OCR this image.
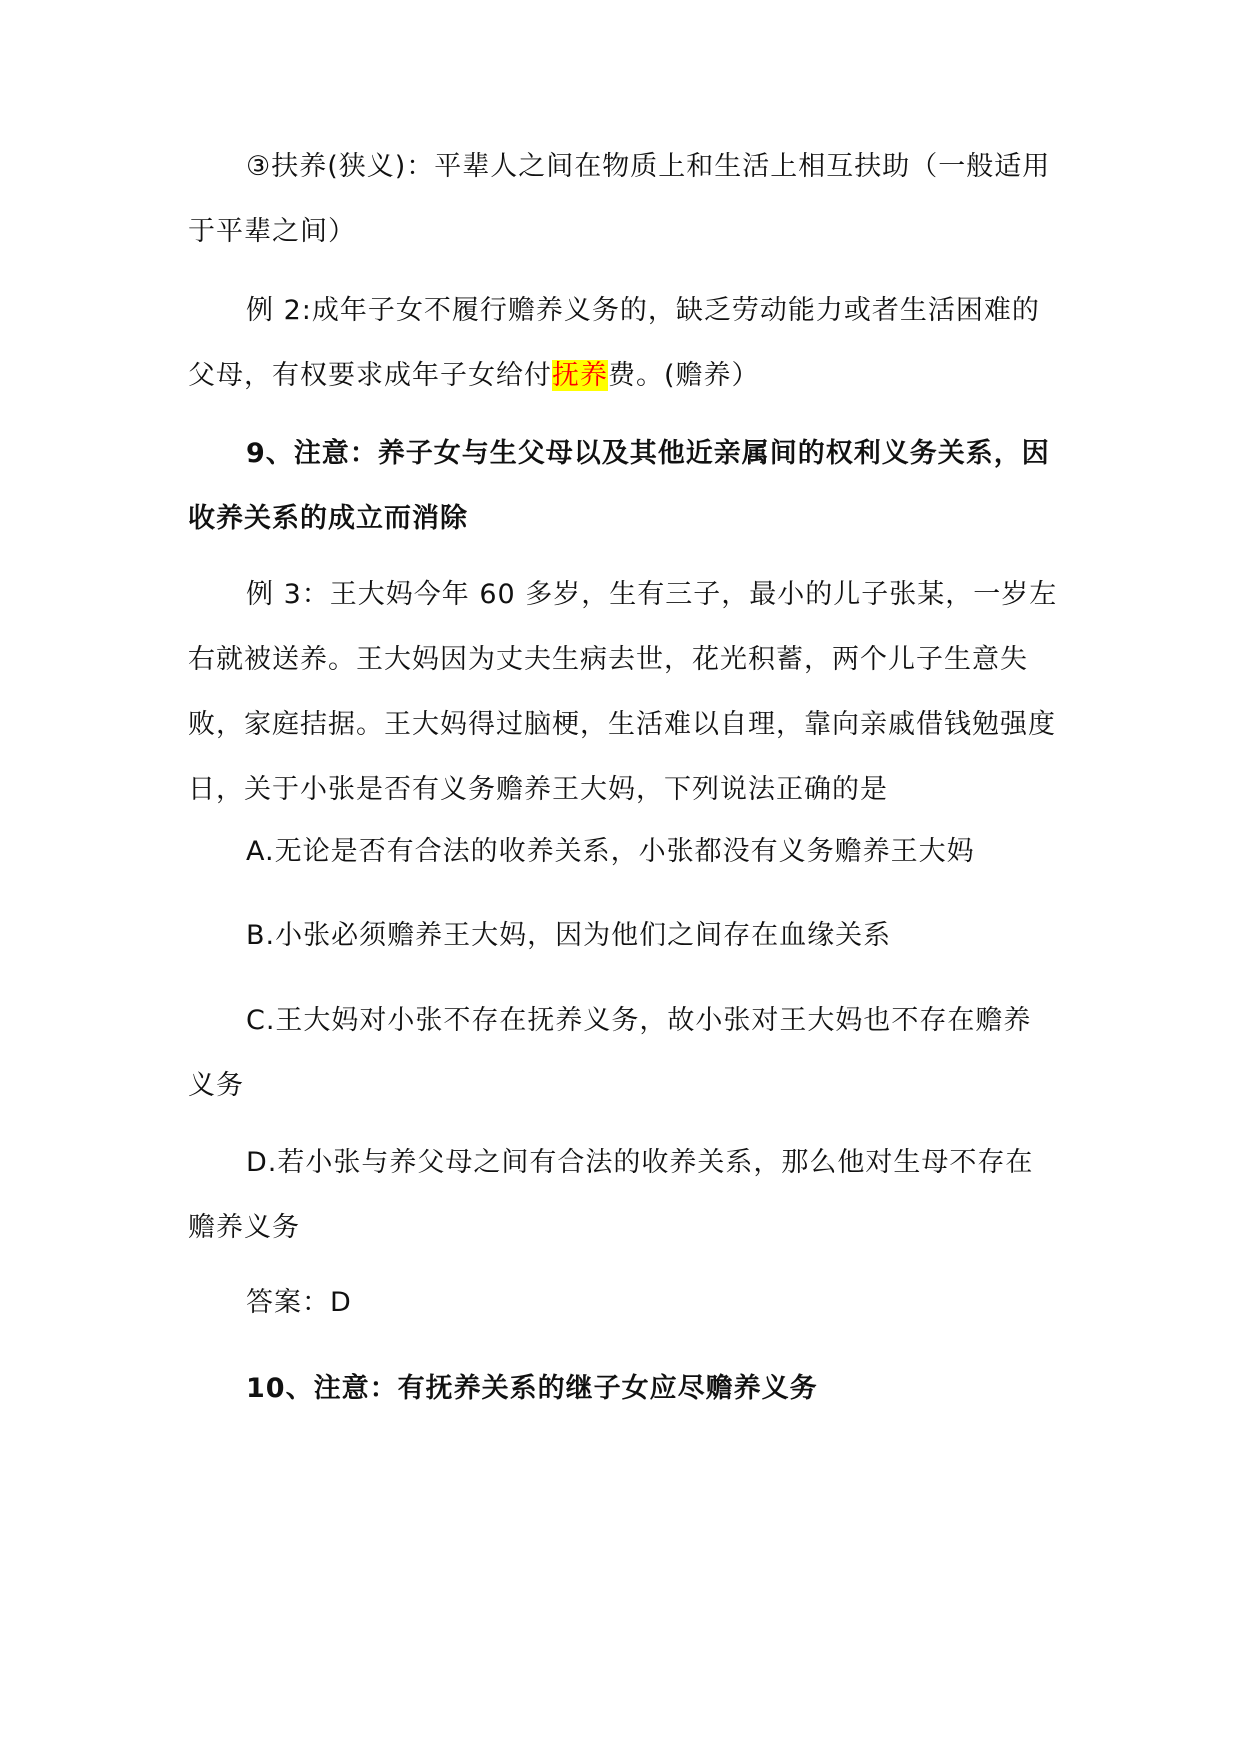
③扶养(狭义)：平辈人之间在物质上和生活上相互扶助（一般适用于平辈之间）

例 2:成年子女不履行赡养义务的，缺乏劳动能力或者生活困难的父母，有权要求成年子女给付抚养费。(赡养）

9、注意：养子女与生父母以及其他近亲属间的权利义务关系，因收养关系的成立而消除

例 3：王大妈今年 60 多岁，生有三子，最小的儿子张某，一岁左右就被送养。王大妈因为丈夫生病去世，花光积蓄，两个儿子生意失败，家庭拮据。王大妈得过脑梗，生活难以自理，靠向亲戚借钱勉强度日，关于小张是否有义务赡养王大妈，下列说法正确的是

A.无论是否有合法的收养关系，小张都没有义务赡养王大妈

B.小张必须赡养王大妈，因为他们之间存在血缘关系

C.王大妈对小张不存在抚养义务，故小张对王大妈也不存在赡养义务

D.若小张与养父母之间有合法的收养关系，那么他对生母不存在赡养义务

答案：D

10、注意：有抚养关系的继子女应尽赡养义务
